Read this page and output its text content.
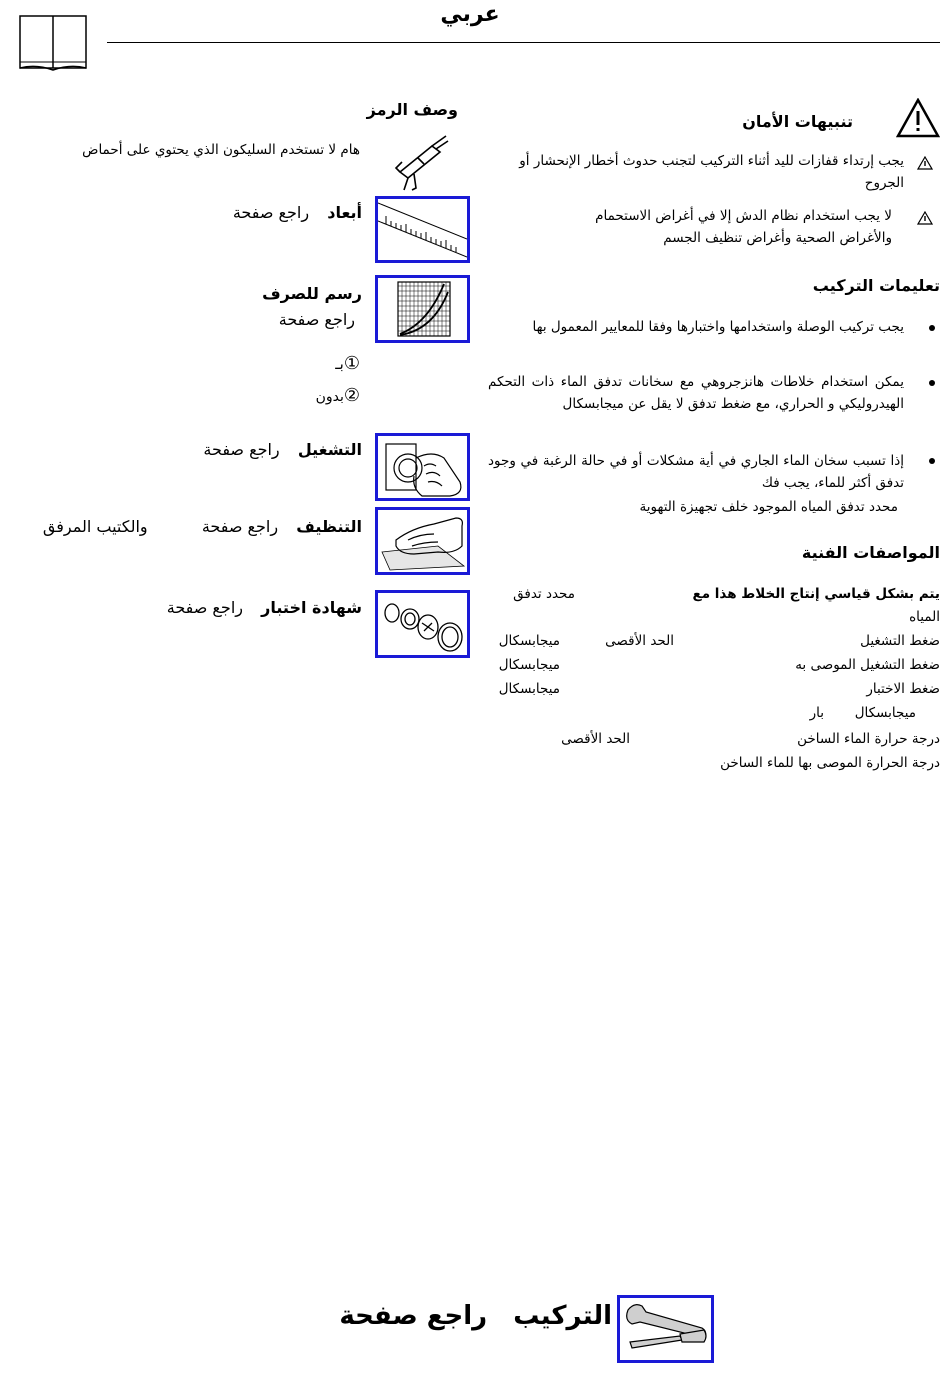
عربي
تنبيهات الأمان
يجب إرتداء قفازات لليد أثناء التركيب لتجنب حدوث أخطار الإنحشار أو الجروح
لا يجب استخدام نظام الدش إلا في أغراض الاستحمام والأغراض الصحية وأغراض تنظيف الجسم
تعليمات التركيب
يجب تركيب الوصلة واستخدامها واختبارها وفقا للمعايير المعمول بها
يمكن استخدام خلاطات هانزجروهي مع سخانات تدفق الماء ذات التحكم الهيدروليكي و الحراري، مع ضغط تدفق لا يقل عن ميجابسكال
إذا تسبب سخان الماء الجاري في أية مشكلات أو في حالة الرغبة في وجود تدفق أكثر للماء، يجب فك
محدد تدفق المياه الموجود خلف تجهيزة التهوية
المواصفات الفنية
يتم بشكل قياسي إنتاج الخلاط هذا مع
محدد تدفق
المياه
ضغط التشغيل
الحد الأقصى
ميجابسكال
ضغط التشغيل الموصى به
ميجابسكال
ضغط الاختبار
ميجابسكال
ميجابسكال
بار
درجة حرارة الماء الساخن
الحد الأقصى
درجة الحرارة الموصى بها للماء الساخن
وصف الرمز
هام لا تستخدم السليكون الذي يحتوي على أحماض
أبعاد  راجع صفحة
رسم للصرف
راجع صفحة
①بـ
②بدون
التشغيل  راجع صفحة
التنظيف  راجع صفحة  والكتيب المرفق
شهادة اختبار  راجع صفحة
التركيب  راجع صفحة
